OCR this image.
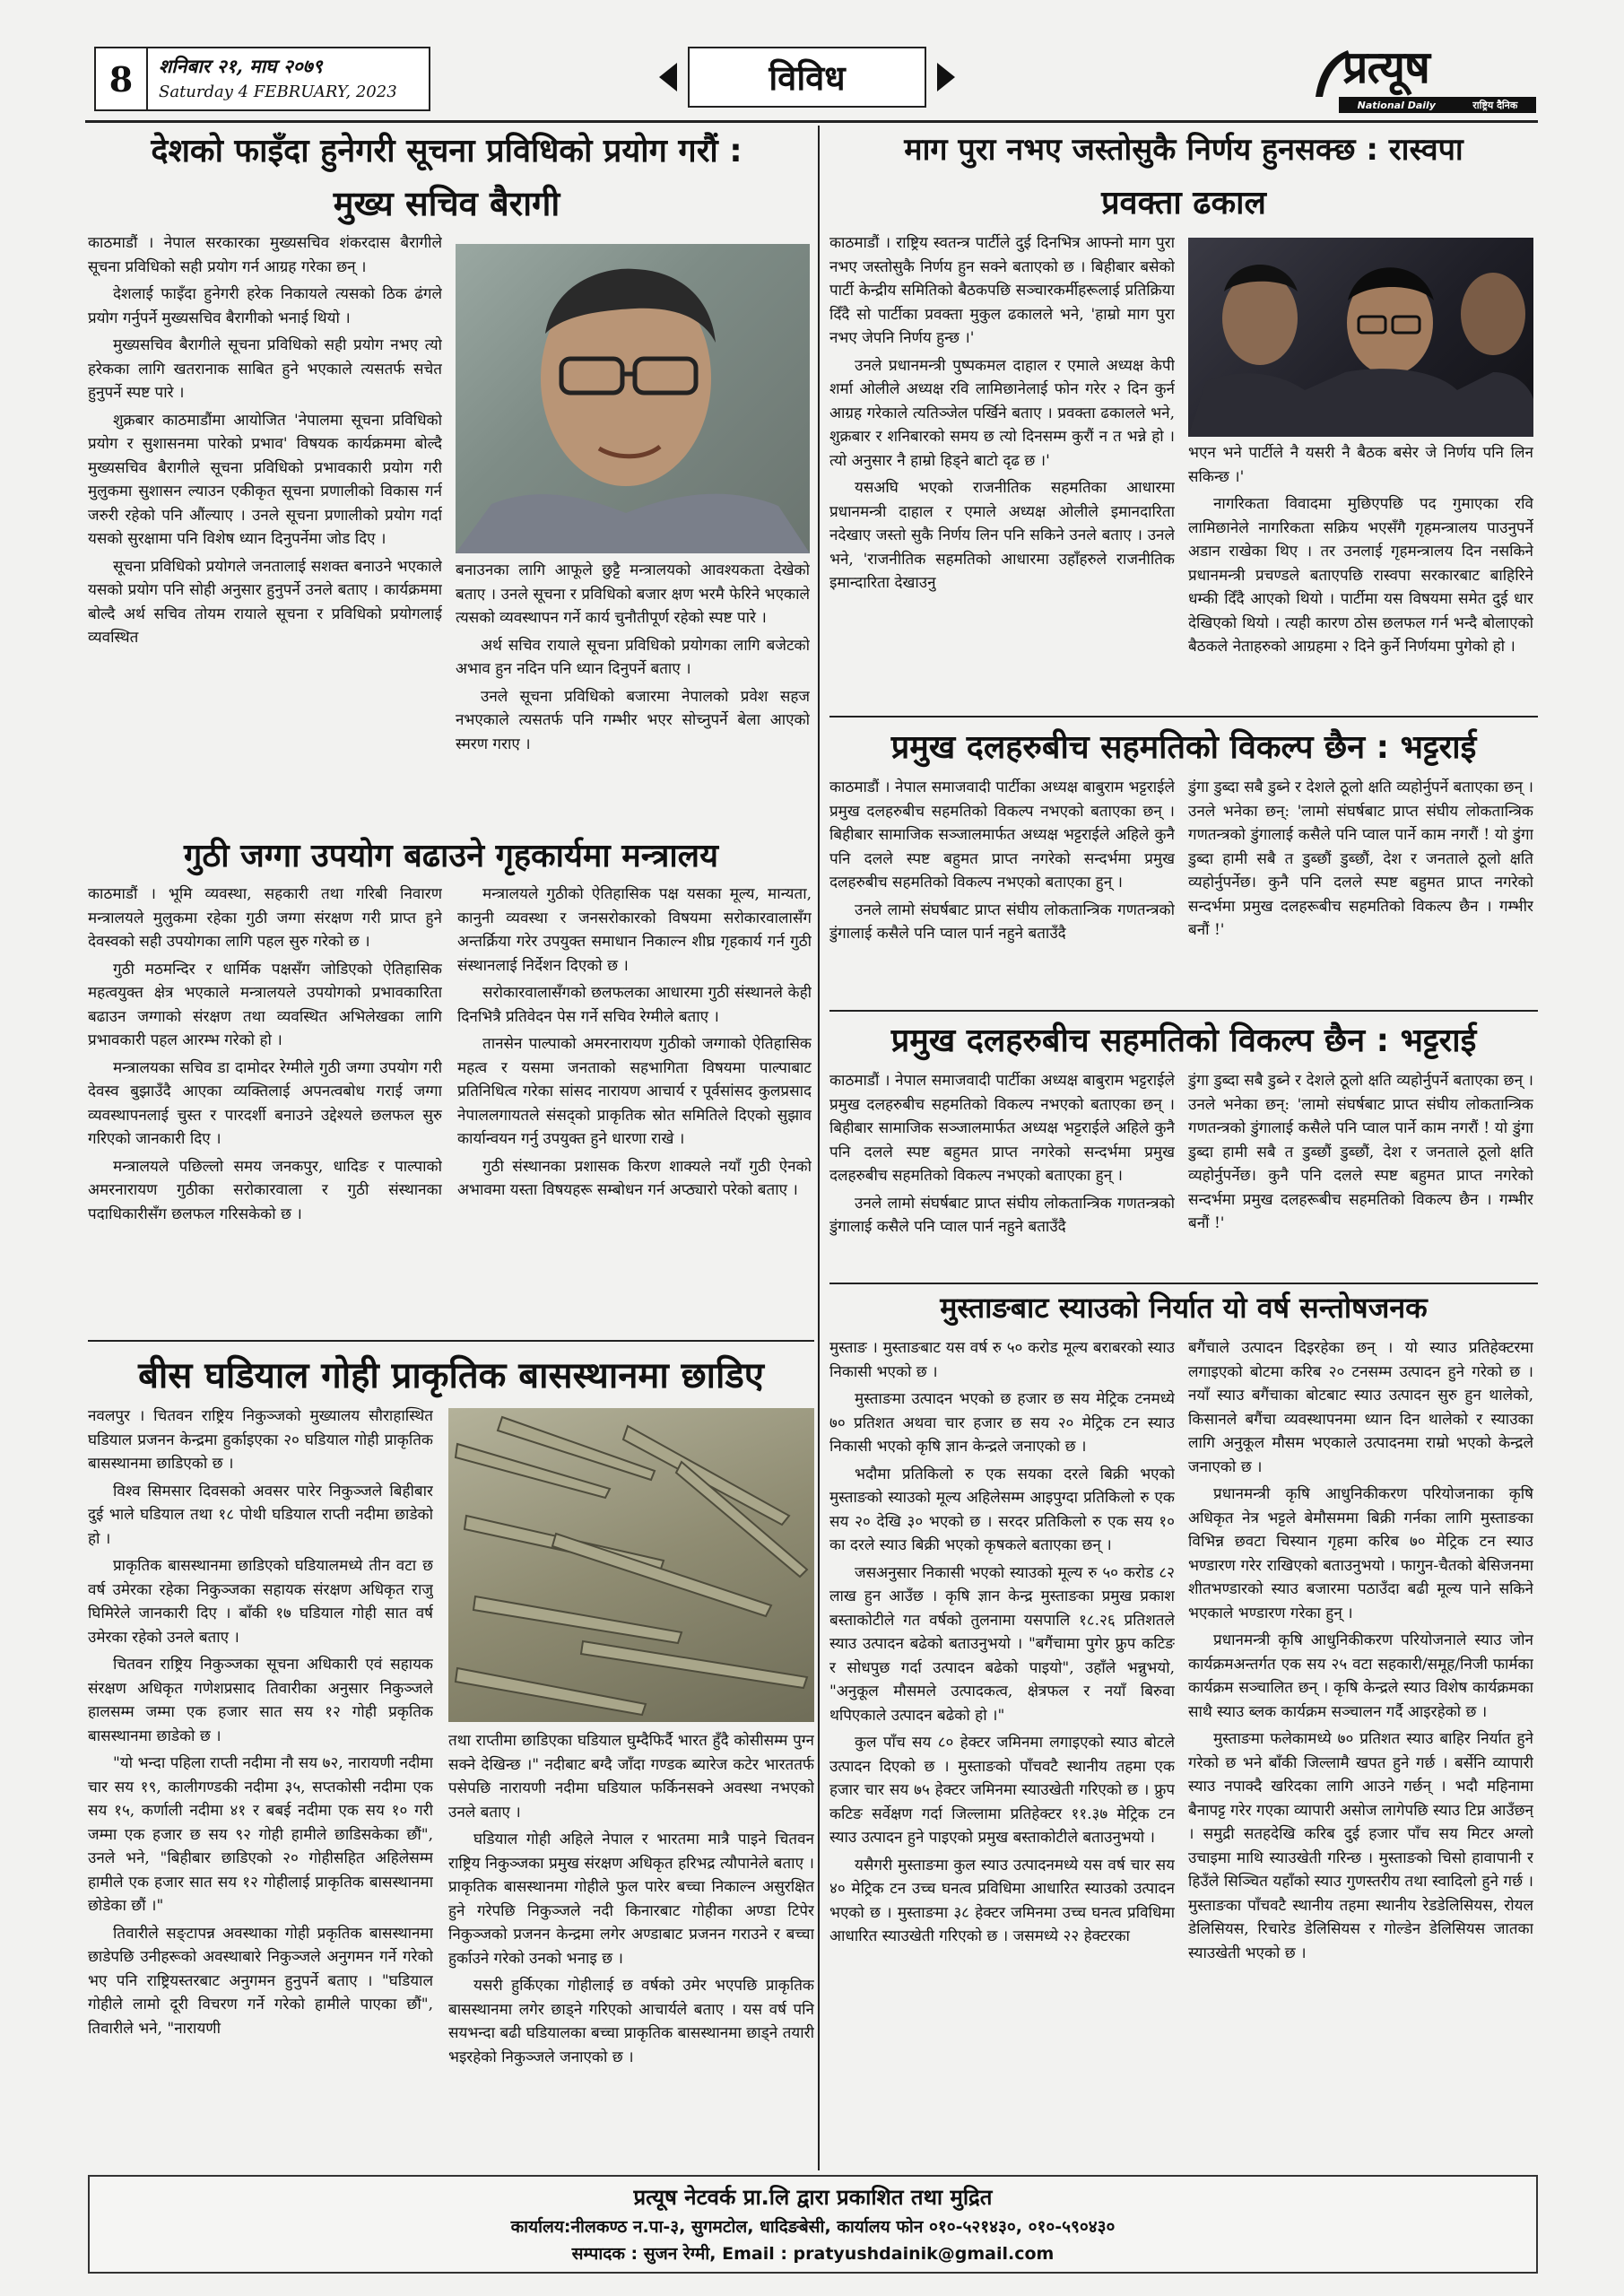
8 शनिबार २१, माघ २०७९
Saturday 4 FEBRUARY, 2023	विविध	प्रत्यूष
National Daily	राष्ट्रिय दैनिक
देशको फाइँदा हुनेगरी सूचना प्रविधिको प्रयोग गरौं :
मुख्य सचिव बैरागी

काठमाडौं । नेपाल सरकारका मुख्यसचिव शंकरदास बैरागीले सूचना प्रविधिको सही प्रयोग गर्न आग्रह गरेका छन् ।

देशलाई फाइँदा हुनेगरी हरेक निकायले त्यसको ठिक ढंगले प्रयोग गर्नुपर्ने मुख्यसचिव बैरागीको भनाई थियो ।

मुख्यसचिव बैरागीले सूचना प्रविधिको सही प्रयोग नभए त्यो हरेकका लागि खतरानाक साबित हुने भएकाले त्यसतर्फ सचेत हुनुपर्ने स्पष्ट पारे ।

शुक्रबार काठमाडौंमा आयोजित 'नेपालमा सूचना प्रविधिको प्रयोग र सुशासनमा पारेको प्रभाव' विषयक कार्यक्रममा बोल्दै मुख्यसचिव बैरागीले सूचना प्रविधिको प्रभावकारी प्रयोग गरी मुलुकमा सुशासन ल्याउन एकीकृत सूचना प्रणालीको विकास गर्न जरुरी रहेको पनि औंल्याए । उनले सूचना प्रणालीको प्रयोग गर्दा यसको सुरक्षामा पनि विशेष ध्यान दिनुपर्नेमा जोड दिए ।

सूचना प्रविधिको प्रयोगले जनतालाई सशक्त बनाउने भएकाले यसको प्रयोग पनि सोही अनुसार हुनुपर्ने उनले बताए । कार्यक्रममा बोल्दै अर्थ सचिव तोयम रायाले सूचना र प्रविधिको प्रयोगलाई व्यवस्थित

बनाउनका लागि आफूले छुट्टै मन्त्रालयको आवश्यकता देखेको बताए । उनले सूचना र प्रविधिको बजार क्षण भरमै फेरिने भएकाले त्यसको व्यवस्थापन गर्ने कार्य चुनौतीपूर्ण रहेको स्पष्ट पारे ।

अर्थ सचिव रायाले सूचना प्रविधिको प्रयोगका लागि बजेटको अभाव हुन नदिन पनि ध्यान दिनुपर्ने बताए ।

उनले सूचना प्रविधिको बजारमा नेपालको प्रवेश सहज नभएकाले त्यसतर्फ पनि गम्भीर भएर सोच्नुपर्ने बेला आएको स्मरण गराए ।

गुठी जग्गा उपयोग बढाउने गृहकार्यमा मन्त्रालय

काठमाडौं । भूमि व्यवस्था, सहकारी तथा गरिबी निवारण मन्त्रालयले मुलुकमा रहेका गुठी जग्गा संरक्षण गरी प्राप्त हुने देवस्वको सही उपयोगका लागि पहल सुरु गरेको छ ।

गुठी मठमन्दिर र धार्मिक पक्षसँग जोडिएको ऐतिहासिक महत्वयुक्त क्षेत्र भएकाले मन्त्रालयले उपयोगको प्रभावकारिता बढाउन जग्गाको संरक्षण तथा व्यवस्थित अभिलेखका लागि प्रभावकारी पहल आरम्भ गरेको हो ।

मन्त्रालयका सचिव डा दामोदर रेग्मीले गुठी जग्गा उपयोग गरी देवस्व बुझाउँदै आएका व्यक्तिलाई अपनत्वबोध गराई जग्गा व्यवस्थापनलाई चुस्त र पारदर्शी बनाउने उद्देश्यले छलफल सुरु गरिएको जानकारी दिए ।

मन्त्रालयले पछिल्लो समय जनकपुर, धादिङ र पाल्पाको अमरनारायण गुठीका सरोकारवाला र गुठी संस्थानका पदाधिकारीसँग छलफल गरिसकेको छ ।

मन्त्रालयले गुठीको ऐतिहासिक पक्ष यसका मूल्य, मान्यता, कानुनी व्यवस्था र जनसरोकारको विषयमा सरोकारवालासँग अन्तर्क्रिया गरेर उपयुक्त समाधान निकाल्न शीघ्र गृहकार्य गर्न गुठी संस्थानलाई निर्देशन दिएको छ ।

सरोकारवालासँगको छलफलका आधारमा गुठी संस्थानले केही दिनभित्रै प्रतिवेदन पेस गर्ने सचिव रेग्मीले बताए ।

तानसेन पाल्पाको अमरनारायण गुठीको जग्गाको ऐतिहासिक महत्व र यसमा जनताको सहभागिता विषयमा पाल्पाबाट प्रतिनिधित्व गरेका सांसद नारायण आचार्य र पूर्वसांसद कुलप्रसाद नेपाललगायतले संसद्को प्राकृतिक स्रोत समितिले दिएको सुझाव कार्यान्वयन गर्नु उपयुक्त हुने धारणा राखे ।

गुठी संस्थानका प्रशासक किरण शाक्यले नयाँ गुठी ऐनको अभावमा यस्ता विषयहरू सम्बोधन गर्न अप्ठ्यारो परेको बताए ।

बीस घडियाल गोही प्राकृतिक बासस्थानमा छाडिए

नवलपुर । चितवन राष्ट्रिय निकुञ्जको मुख्यालय सौराहास्थित घडियाल प्रजनन केन्द्रमा हुर्काइएका २० घडियाल गोही प्राकृतिक बासस्थानमा छाडिएको छ ।

विश्व सिमसार दिवसको अवसर पारेर निकुञ्जले बिहीबार दुई भाले घडियाल तथा १८ पोथी घडियाल राप्ती नदीमा छाडेको हो ।

प्राकृतिक बासस्थानमा छाडिएको घडियालमध्ये तीन वटा छ वर्ष उमेरका रहेका निकुञ्जका सहायक संरक्षण अधिकृत राजु घिमिरेले जानकारी दिए । बाँकी १७ घडियाल गोही सात वर्ष उमेरका रहेको उनले बताए ।

चितवन राष्ट्रिय निकुञ्जका सूचना अधिकारी एवं सहायक संरक्षण अधिकृत गणेशप्रसाद तिवारीका अनुसार निकुञ्जले हालसम्म जम्मा एक हजार सात सय १२ गोही प्रकृतिक बासस्थानमा छाडेको छ ।

"यो भन्दा पहिला राप्ती नदीमा नौ सय ७२, नारायणी नदीमा चार सय १९, कालीगण्डकी नदीमा ३५, सप्तकोसी नदीमा एक सय १५, कर्णाली नदीमा ४१ र बबई नदीमा एक सय १० गरी जम्मा एक हजार छ सय ९२ गोही हामीले छाडिसकेका छौं", उनले भने, "बिहीबार छाडिएको २० गोहीसहित अहिलेसम्म हामीले एक हजार सात सय १२ गोहीलाई प्राकृतिक बासस्थानमा छोडेका छौं ।"

तिवारीले सङ्टापन्न अवस्थाका गोही प्रकृतिक बासस्थानमा छाडेपछि उनीहरूको अवस्थाबारे निकुञ्जले अनुगमन गर्ने गरेको भए पनि राष्ट्रियस्तरबाट अनुगमन हुनुपर्ने बताए । "घडियाल गोहीले लामो दूरी विचरण गर्ने गरेको हामीले पाएका छौं", तिवारीले भने, "नारायणी

तथा राप्तीमा छाडिएका घडियाल घुम्दैफिर्दै भारत हुँदै कोसीसम्म पुग्न सक्ने देखिन्छ ।" नदीबाट बग्दै जाँदा गण्डक ब्यारेज कटेर भारततर्फ पसेपछि नारायणी नदीमा घडियाल फर्किनसक्ने अवस्था नभएको उनले बताए ।

घडियाल गोही अहिले नेपाल र भारतमा मात्रै पाइने चितवन राष्ट्रिय निकुञ्जका प्रमुख संरक्षण अधिकृत हरिभद्र त्यौपानेले बताए । प्राकृतिक बासस्थानमा गोहीले फुल पारेर बच्चा निकाल्न असुरक्षित हुने गरेपछि निकुञ्जले नदी किनारबाट गोहीका अण्डा टिपेर निकुञ्जको प्रजनन केन्द्रमा लगेर अण्डाबाट प्रजनन गराउने र बच्चा हुर्काउने गरेको उनको भनाइ छ ।

यसरी हुर्किएका गोहीलाई छ वर्षको उमेर भएपछि प्राकृतिक बासस्थानमा लगेर छाड्ने गरिएको आचार्यले बताए । यस वर्ष पनि सयभन्दा बढी घडियालका बच्चा प्राकृतिक बासस्थानमा छाड्ने तयारी भइरहेको निकुञ्जले जनाएको छ ।

माग पुरा नभए जस्तोसुकै निर्णय हुनसक्छ : रास्वपा
प्रवक्ता ढकाल

काठमाडौं । राष्ट्रिय स्वतन्त्र पार्टीले दुई दिनभित्र आफ्नो माग पुरा नभए जस्तोसुकै निर्णय हुन सक्ने बताएको छ । बिहीबार बसेको पार्टी केन्द्रीय समितिको बैठकपछि सञ्चारकर्मीहरूलाई प्रतिक्रिया दिँदै सो पार्टीका प्रवक्ता मुकुल ढकालले भने, 'हाम्रो माग पुरा नभए जेपनि निर्णय हुन्छ ।'

उनले प्रधानमन्त्री पुष्पकमल दाहाल र एमाले अध्यक्ष केपी शर्मा ओलीले अध्यक्ष रवि लामिछानेलाई फोन गरेर २ दिन कुर्न आग्रह गरेकाले त्यतिञ्जेल पर्खिने बताए । प्रवक्ता ढकालले भने, शुक्रबार र शनिबारको समय छ त्यो दिनसम्म कुरौं न त भन्ने हो । त्यो अनुसार नै हाम्रो हिड्ने बाटो दृढ छ ।'

यसअघि भएको राजनीतिक सहमतिका आधारमा प्रधानमन्त्री दाहाल र एमाले अध्यक्ष ओलीले इमानदारिता नदेखाए जस्तो सुकै निर्णय लिन पनि सकिने उनले बताए । उनले भने, 'राजनीतिक सहमतिको आधारमा उहाँहरुले राजनीतिक इमान्दारिता देखाउनु

भएन भने पार्टीले नै यसरी नै बैठक बसेर जे निर्णय पनि लिन सकिन्छ ।'

नागरिकता विवादमा मुछिएपछि पद गुमाएका रवि लामिछानेले नागरिकता सक्रिय भएसँगै गृहमन्त्रालय पाउनुपर्ने अडान राखेका थिए । तर उनलाई गृहमन्त्रालय दिन नसकिने प्रधानमन्त्री प्रचण्डले बताएपछि रास्वपा सरकारबाट बाहिरिने धम्की दिँदै आएको थियो । पार्टीमा यस विषयमा समेत दुई धार देखिएको थियो । त्यही कारण ठोस छलफल गर्न भन्दै बोलाएको बैठकले नेताहरुको आग्रहमा २ दिने कुर्ने निर्णयमा पुगेको हो ।

प्रमुख दलहरुबीच सहमतिको विकल्प छैन : भट्टराई

काठमाडौं । नेपाल समाजवादी पार्टीका अध्यक्ष बाबुराम भट्टराईले प्रमुख दलहरुबीच सहमतिको विकल्प नभएको बताएका छन् । बिहीबार सामाजिक सञ्जालमार्फत अध्यक्ष भट्टराईले अहिले कुनै पनि दलले स्पष्ट बहुमत प्राप्त नगरेको सन्दर्भमा प्रमुख दलहरुबीच सहमतिको विकल्प नभएको बताएका हुन् ।

उनले लामो संघर्षबाट प्राप्त संघीय लोकतान्त्रिक गणतन्त्रको डुंगालाई कसैले पनि प्वाल पार्न नहुने बताउँदै

डुंगा डुब्दा सबै डुब्ने र देशले ठूलो क्षति व्यहोर्नुपर्ने बताएका छन् । उनले भनेका छन्: 'लामो संघर्षबाट प्राप्त संघीय लोकतान्त्रिक गणतन्त्रको डुंगालाई कसैले पनि प्वाल पार्ने काम नगरौं ! यो डुंगा डुब्दा हामी सबै त डुब्छौं डुब्छौं, देश र जनताले ठूलो क्षति व्यहोर्नुपर्नेछ। कुनै पनि दलले स्पष्ट बहुमत प्राप्त नगरेको सन्दर्भमा प्रमुख दलहरूबीच सहमतिको विकल्प छैन । गम्भीर बनौं !'

प्रमुख दलहरुबीच सहमतिको विकल्प छैन : भट्टराई

काठमाडौं । नेपाल समाजवादी पार्टीका अध्यक्ष बाबुराम भट्टराईले प्रमुख दलहरुबीच सहमतिको विकल्प नभएको बताएका छन् । बिहीबार सामाजिक सञ्जालमार्फत अध्यक्ष भट्टराईले अहिले कुनै पनि दलले स्पष्ट बहुमत प्राप्त नगरेको सन्दर्भमा प्रमुख दलहरुबीच सहमतिको विकल्प नभएको बताएका हुन् ।

उनले लामो संघर्षबाट प्राप्त संघीय लोकतान्त्रिक गणतन्त्रको डुंगालाई कसैले पनि प्वाल पार्न नहुने बताउँदै

डुंगा डुब्दा सबै डुब्ने र देशले ठूलो क्षति व्यहोर्नुपर्ने बताएका छन् । उनले भनेका छन्: 'लामो संघर्षबाट प्राप्त संघीय लोकतान्त्रिक गणतन्त्रको डुंगालाई कसैले पनि प्वाल पार्ने काम नगरौं ! यो डुंगा डुब्दा हामी सबै त डुब्छौं डुब्छौं, देश र जनताले ठूलो क्षति व्यहोर्नुपर्नेछ। कुनै पनि दलले स्पष्ट बहुमत प्राप्त नगरेको सन्दर्भमा प्रमुख दलहरूबीच सहमतिको विकल्प छैन । गम्भीर बनौं !'

मुस्ताङबाट स्याउको निर्यात यो वर्ष सन्तोषजनक

मुस्ताङ । मुस्ताङबाट यस वर्ष रु ५० करोड मूल्य बराबरको स्याउ निकासी भएको छ ।

मुस्ताङमा उत्पादन भएको छ हजार छ सय मेट्रिक टनमध्ये ७० प्रतिशत अथवा चार हजार छ सय २० मेट्रिक टन स्याउ निकासी भएको कृषि ज्ञान केन्द्रले जनाएको छ ।

भदौमा प्रतिकिलो रु एक सयका दरले बिक्री भएको मुस्ताङको स्याउको मूल्य अहिलेसम्म आइपुग्दा प्रतिकिलो रु एक सय २० देखि ३० भएको छ । सरदर प्रतिकिलो रु एक सय १० का दरले स्याउ बिक्री भएको कृषकले बताएका छन् ।

जसअनुसार निकासी भएको स्याउको मूल्य रु ५० करोड ८२ लाख हुन आउँछ । कृषि ज्ञान केन्द्र मुस्ताङका प्रमुख प्रकाश बस्ताकोटीले गत वर्षको तुलनामा यसपालि १८.२६ प्रतिशतले स्याउ उत्पादन बढेको बताउनुभयो । "बगैंचामा पुगेर फ्रुप कटिङ र सोधपुछ गर्दा उत्पादन बढेको पाइयो", उहाँले भन्नुभयो, "अनुकूल मौसमले उत्पादकत्व, क्षेत्रफल र नयाँ बिरुवा थपिएकाले उत्पादन बढेको हो ।"

कुल पाँच सय ८० हेक्टर जमिनमा लगाइएको स्याउ बोटले उत्पादन दिएको छ । मुस्ताङको पाँचवटै स्थानीय तहमा एक हजार चार सय ७५ हेक्टर जमिनमा स्याउखेती गरिएको छ । फ्रुप कटिङ सर्वेक्षण गर्दा जिल्लामा प्रतिहेक्टर ११.३७ मेट्रिक टन स्याउ उत्पादन हुने पाइएको प्रमुख बस्ताकोटीले बताउनुभयो ।

यसैगरी मुस्ताङमा कुल स्याउ उत्पादनमध्ये यस वर्ष चार सय ४० मेट्रिक टन उच्च घनत्व प्रविधिमा आधारित स्याउको उत्पादन भएको छ । मुस्ताङमा ३८ हेक्टर जमिनमा उच्च घनत्व प्रविधिमा आधारित स्याउखेती गरिएको छ । जसमध्ये २२ हेक्टरका

बगैंचाले उत्पादन दिइरहेका छन् । यो स्याउ प्रतिहेक्टरमा लगाइएको बोटमा करिब २० टनसम्म उत्पादन हुने गरेको छ । नयाँ स्याउ बगैंचाका बोटबाट स्याउ उत्पादन सुरु हुन थालेको, किसानले बगैंचा व्यवस्थापनमा ध्यान दिन थालेको र स्याउका लागि अनुकूल मौसम भएकाले उत्पादनमा राम्रो भएको केन्द्रले जनाएको छ ।

प्रधानमन्त्री कृषि आधुनिकीकरण परियोजनाका कृषि अधिकृत नेत्र भट्टले बेमौसममा बिक्री गर्नका लागि मुस्ताङका विभिन्न छवटा चिस्यान गृहमा करिब ७० मेट्रिक टन स्याउ भण्डारण गरेर राखिएको बताउनुभयो । फागुन-चैतको बेसिजनमा शीतभण्डारको स्याउ बजारमा पठाउँदा बढी मूल्य पाने सकिने भएकाले भण्डारण गरेका हुन् ।

प्रधानमन्त्री कृषि आधुनिकीकरण परियोजनाले स्याउ जोन कार्यक्रमअन्तर्गत एक सय २५ वटा सहकारी/समूह/निजी फार्मका कार्यक्रम सञ्चालित छन् । कृषि केन्द्रले स्याउ विशेष कार्यक्रमका साथै स्याउ ब्लक कार्यक्रम सञ्चालन गर्दै आइरहेको छ ।

मुस्ताङमा फलेकामध्ये ७० प्रतिशत स्याउ बाहिर निर्यात हुने गरेको छ भने बाँकी जिल्लामै खपत हुने गर्छ । बर्सेनि व्यापारी स्याउ नपाक्दै खरिदका लागि आउने गर्छन् । भदौ महिनामा बैनापट्ट गरेर गएका व्यापारी असोज लागेपछि स्याउ टिप्न आउँछन् । समुद्री सतहदेखि करिब दुई हजार पाँच सय मिटर अग्लो उचाइमा माथि स्याउखेती गरिन्छ । मुस्ताङको चिसो हावापानी र हिउँले सिञ्चित यहाँको स्याउ गुणस्तरीय तथा स्वादिलो हुने गर्छ । मुस्ताङका पाँचवटै स्थानीय तहमा स्थानीय रेडडेलिसियस, रोयल डेलिसियस, रिचारेड डेलिसियस र गोल्डेन डेलिसियस जातका स्याउखेती भएको छ ।

प्रत्यूष नेटवर्क प्रा.लि द्वारा प्रकाशित तथा मुद्रित
कार्यालय:नीलकण्ठ न.पा-३, सुगमटोल, धादिङबेसी, कार्यालय फोन ०१०-५२१४३०, ०१०-५९०४३०
सम्पादक : सुजन रेग्मी, Email : pratyushdainik@gmail.com
